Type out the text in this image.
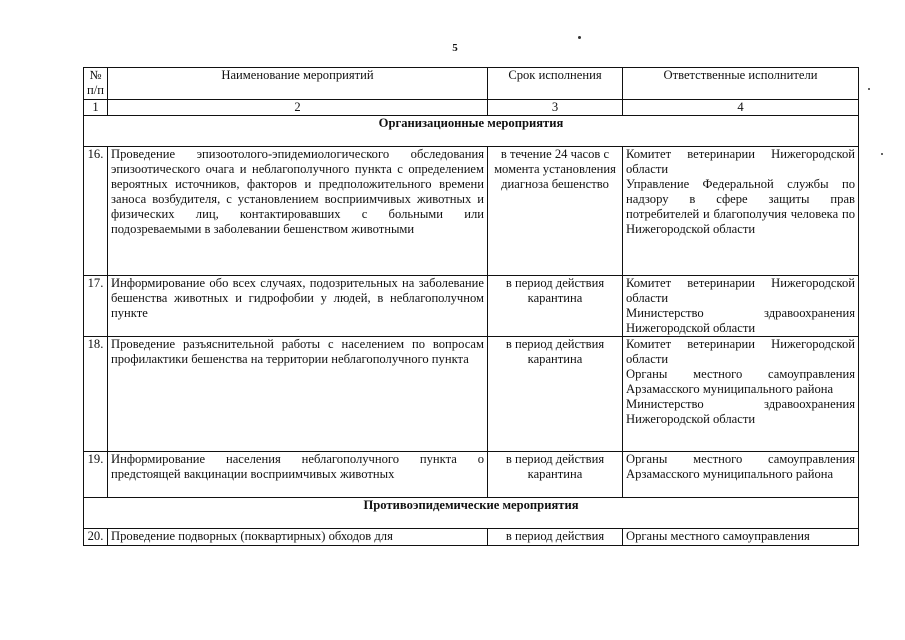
5
№ п/п	Наименование мероприятий	Срок исполнения	Ответственные исполнители
1	2	3	4
Организационные мероприятия			
16.	Проведение эпизоотолого-эпидемиологического обследования эпизоотического очага и неблагополучного пункта с определением вероятных источников, факторов и предположительного времени заноса возбудителя, с установлением восприимчивых животных и физических лиц, контактировавших с больными или подозреваемыми в заболевании бешенством животными	в течение 24 часов с момента установления диагноза бешенство	Комитет ветеринарии Нижегородской области
Управление Федеральной службы по надзору в сфере защиты прав потребителей и благополучия человека по Нижегородской области

17.	Информирование обо всех случаях, подозрительных на заболевание бешенства животных и гидрофобии у людей, в неблагополучном пункте	в период действия карантина	Комитет ветеринарии Нижегородской области
Министерство здравоохранения Нижегородской области

18.	Проведение разъяснительной работы с населением по вопросам профилактики бешенства на территории неблагополучного пункта	в период действия карантина	Комитет ветеринарии Нижегородской области
Органы местного самоуправления Арзамасского муниципального района
Министерство здравоохранения Нижегородской области

19.	Информирование населения неблагополучного пункта о предстоящей вакцинации восприимчивых животных	в период действия карантина	Органы местного самоуправления Арзамасского муниципального района

Противоэпидемические мероприятия			
20.	Проведение подворных (поквартирных) обходов для	в период действия	Органы местного самоуправления
